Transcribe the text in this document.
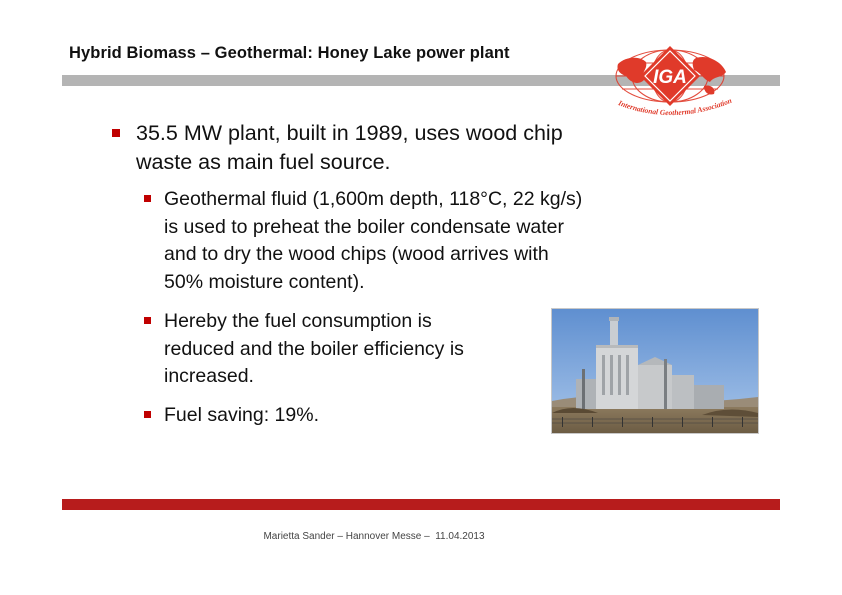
Hybrid Biomass – Geothermal: Honey Lake power plant
IGA
International Geothermal Association
35.5 MW plant, built in 1989, uses wood chip
waste as main fuel source.
Geothermal fluid (1,600m depth, 118°C, 22 kg/s)
is used to preheat the boiler condensate water
and to dry the wood chips (wood arrives with
50% moisture content).
Hereby the fuel consumption is
reduced and the boiler efficiency is
increased.
Fuel saving: 19%.
Marietta Sander – Hannover Messe –  11.04.2013
